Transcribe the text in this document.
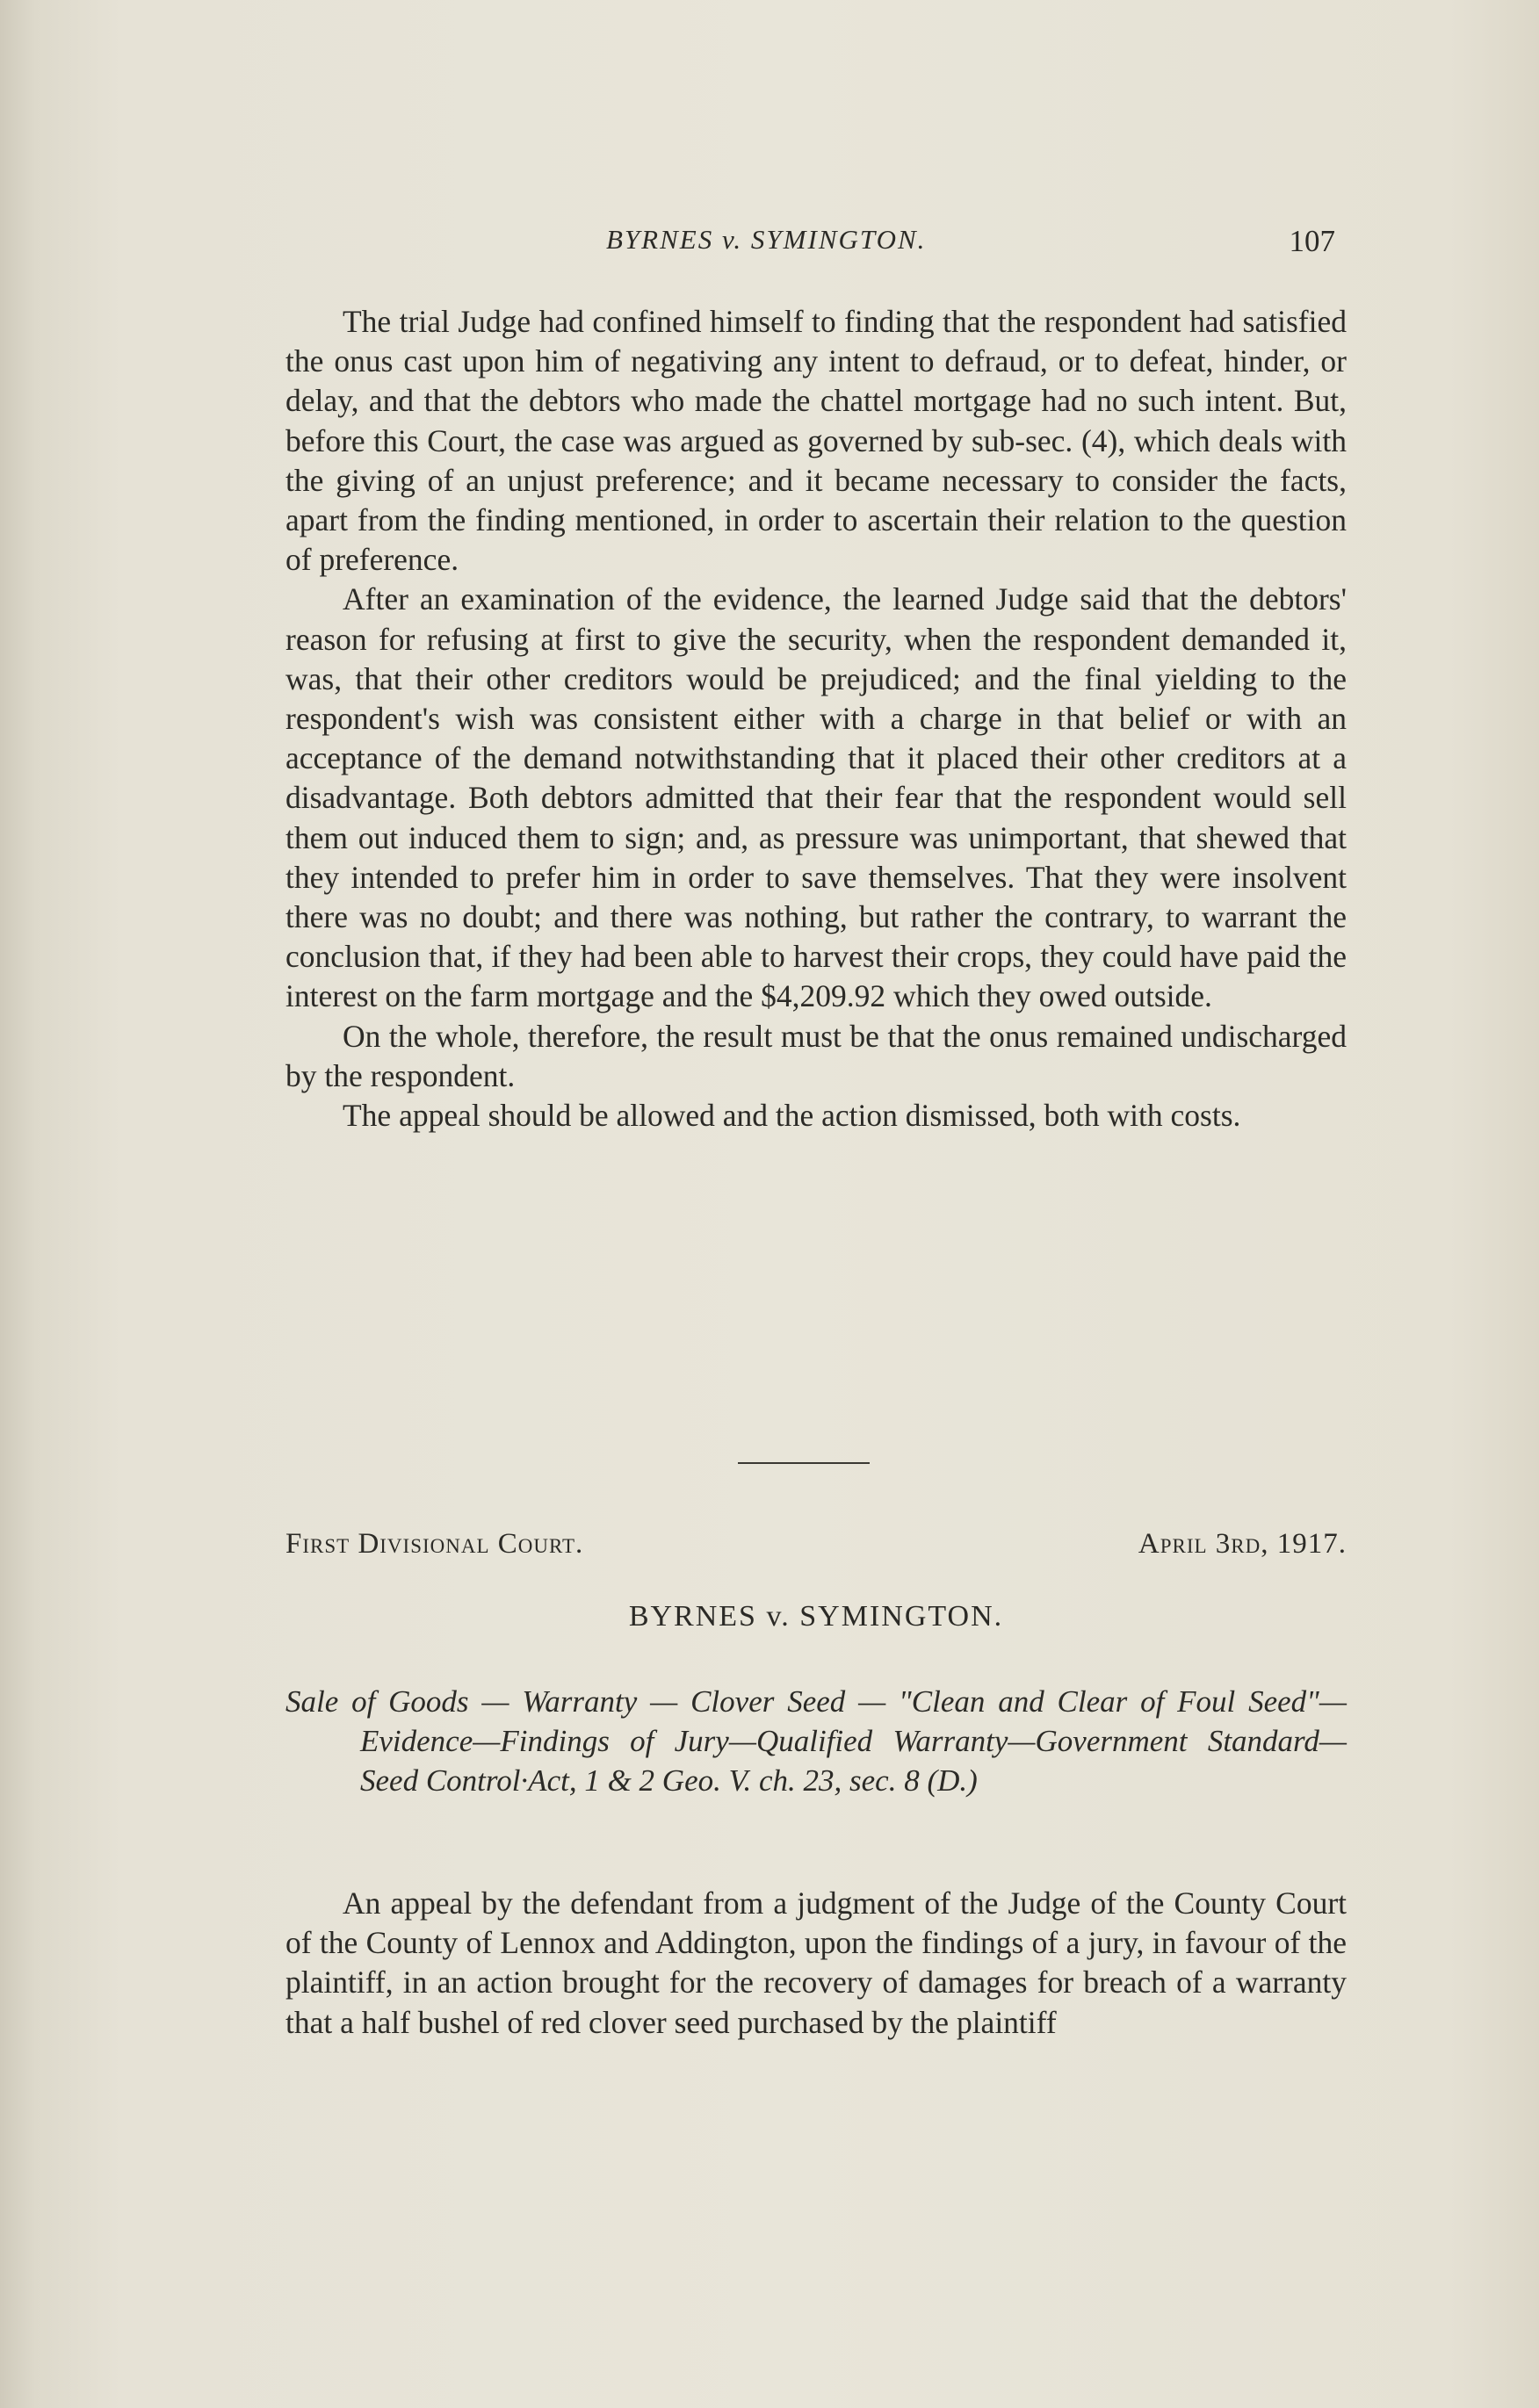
BYRNES v. SYMINGTON.	107

The trial Judge had confined himself to finding that the respondent had satisfied the onus cast upon him of negativing any intent to defraud, or to defeat, hinder, or delay, and that the debtors who made the chattel mortgage had no such intent. But, before this Court, the case was argued as governed by sub-sec. (4), which deals with the giving of an unjust preference; and it became necessary to consider the facts, apart from the finding mentioned, in order to ascertain their relation to the question of preference.

After an examination of the evidence, the learned Judge said that the debtors' reason for refusing at first to give the security, when the respondent demanded it, was, that their other creditors would be prejudiced; and the final yielding to the respondent's wish was consistent either with a charge in that belief or with an acceptance of the demand notwithstanding that it placed their other creditors at a disadvantage. Both debtors admitted that their fear that the respondent would sell them out induced them to sign; and, as pressure was unimportant, that shewed that they intended to prefer him in order to save themselves. That they were insolvent there was no doubt; and there was nothing, but rather the contrary, to warrant the conclusion that, if they had been able to harvest their crops, they could have paid the interest on the farm mortgage and the $4,209.92 which they owed outside.

On the whole, therefore, the result must be that the onus remained undischarged by the respondent.

The appeal should be allowed and the action dismissed, both with costs.

First Divisional Court.	April 3rd, 1917.
BYRNES v. SYMINGTON.
Sale of Goods — Warranty — Clover Seed — "Clean and Clear of Foul Seed"—Evidence—Findings of Jury—Qualified Warranty—Government Standard—Seed Control·Act, 1 & 2 Geo. V. ch. 23, sec. 8 (D.)

An appeal by the defendant from a judgment of the Judge of the County Court of the County of Lennox and Addington, upon the findings of a jury, in favour of the plaintiff, in an action brought for the recovery of damages for breach of a warranty that a half bushel of red clover seed purchased by the plaintiff
